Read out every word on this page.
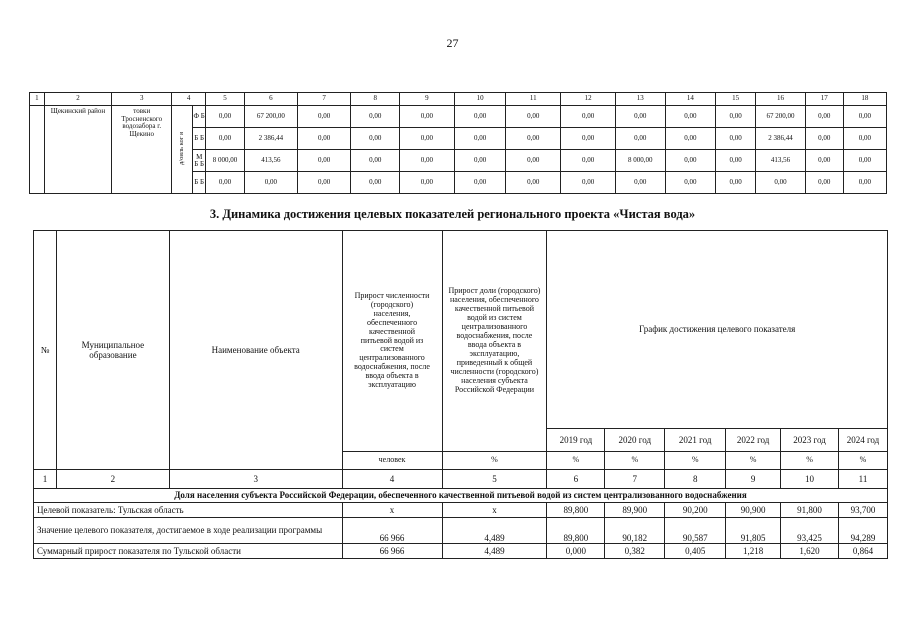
27
1	2	3	4		5	6	7	8	9	10	11	12	13	14	15	16	17	18
	Щекинский район	товки Тросненского водозабора г. Щекино	д/оиль ког я	Ф Б	0,00	67 200,00	0,00	0,00	0,00	0,00	0,00	0,00	0,00	0,00	0,00	67 200,00	0,00	0,00
				Б Б	0,00	2 386,44	0,00	0,00	0,00	0,00	0,00	0,00	0,00	0,00	0,00	2 386,44	0,00	0,00
				М Б Б	8 000,00	413,56	0,00	0,00	0,00	0,00	0,00	0,00	8 000,00	0,00	0,00	413,56	0,00	0,00
				Б Б	0,00	0,00	0,00	0,00	0,00	0,00	0,00	0,00	0,00	0,00	0,00	0,00	0,00	0,00
3. Динамика достижения целевых показателей регионального проекта «Чистая вода»
№	Муниципальное образование	Наименование объекта	Прирост численности (городского) населения, обеспеченного качественной питьевой водой из систем централизованного водоснабжения, после ввода объекта в эксплуатацию	Прирост доли (городского) населения, обеспеченного качественной питьевой водой из систем централизованного водоснабжения, после ввода объекта в эксплуатацию, приведенный к общей численности (городского) населения субъекта Российской Федерации	График достижения целевого показателя					
					2019 год	2020 год	2021 год	2022 год	2023 год	2024 год
			человек	%	%	%	%	%	%	%
1	2	3	4	5	6	7	8	9	10	11
Доля населения субъекта Российской Федерации, обеспеченного качественной питьевой водой из систем централизованного водоснабжения										
Целевой показатель: Тульская область			x	x	89,800	89,900	90,200	90,900	91,800	93,700
Значение целевого показателя, достигаемое в ходе реализации программы			66 966	4,489	89,800	90,182	90,587	91,805	93,425	94,289
Суммарный прирост показателя по Тульской области			66 966	4,489	0,000	0,382	0,405	1,218	1,620	0,864
